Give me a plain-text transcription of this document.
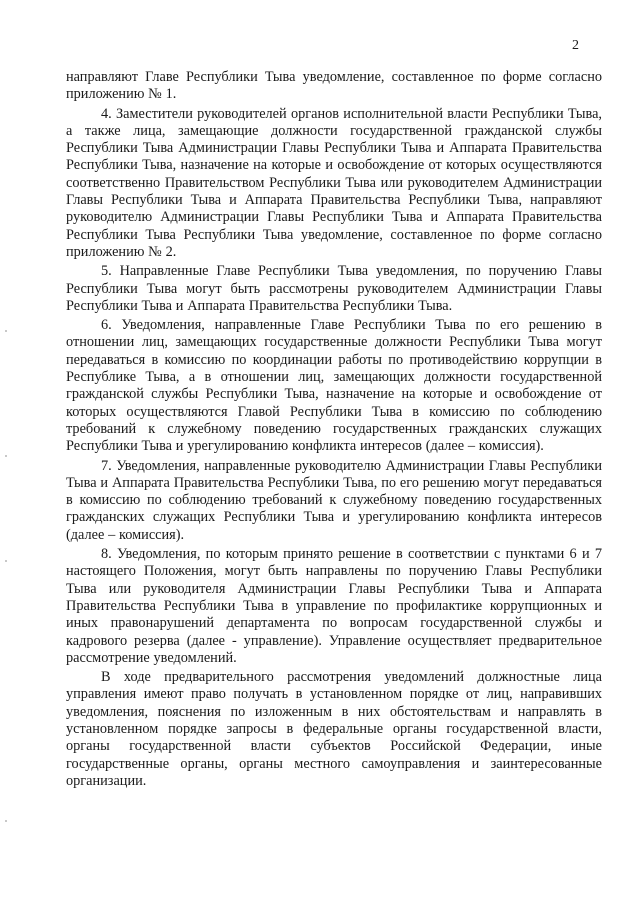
2

направляют Главе Республики Тыва уведомление, составленное по форме согласно приложению № 1.

4. Заместители руководителей органов исполнительной власти Республики Тыва, а также лица, замещающие должности государственной гражданской службы Республики Тыва Администрации Главы Республики Тыва и Аппарата Правительства Республики Тыва, назначение на которые и освобождение от которых осуществляются соответственно Правительством Республики Тыва или руководителем Администрации Главы Республики Тыва и Аппарата Правительства Республики Тыва, направляют руководителю Администрации Главы Республики Тыва и Аппарата Правительства Республики Тыва Республики Тыва уведомление, составленное по форме согласно приложению № 2.

5. Направленные Главе Республики Тыва уведомления, по поручению Главы Республики Тыва могут быть рассмотрены руководителем Администрации Главы Республики Тыва и Аппарата Правительства Республики Тыва.

6. Уведомления, направленные Главе Республики Тыва по его решению в отношении лиц, замещающих государственные должности Республики Тыва могут передаваться в комиссию по координации работы по противодействию коррупции в Республике Тыва, а в отношении лиц, замещающих должности государственной гражданской службы Республики Тыва, назначение на которые и освобождение от которых осуществляются Главой Республики Тыва в комиссию по соблюдению требований к служебному поведению государственных гражданских служащих Республики Тыва и урегулированию конфликта интересов (далее – комиссия).

7. Уведомления, направленные руководителю Администрации Главы Республики Тыва и Аппарата Правительства Республики Тыва, по его решению могут передаваться в комиссию по соблюдению требований к служебному поведению государственных гражданских служащих Республики Тыва и урегулированию конфликта интересов (далее – комиссия).

8. Уведомления, по которым принято решение в соответствии с пунктами 6 и 7 настоящего Положения, могут быть направлены по поручению Главы Республики Тыва или руководителя Администрации Главы Республики Тыва и Аппарата Правительства Республики Тыва в управление по профилактике коррупционных и иных правонарушений департамента по вопросам государственной службы и кадрового резерва (далее - управление). Управление осуществляет предварительное рассмотрение уведомлений.

В ходе предварительного рассмотрения уведомлений должностные лица управления имеют право получать в установленном порядке от лиц, направивших уведомления, пояснения по изложенным в них обстоятельствам и направлять в установленном порядке запросы в федеральные органы государственной власти, органы государственной власти субъектов Российской Федерации, иные государственные органы, органы местного самоуправления и заинтересованные организации.
